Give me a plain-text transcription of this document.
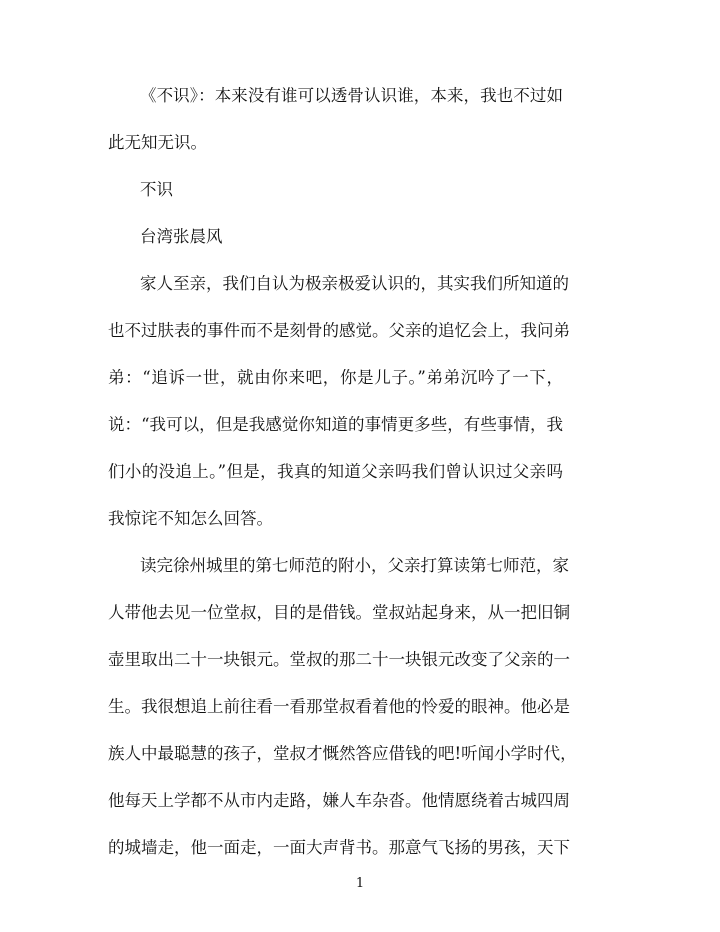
《不识》：本来没有谁可以透骨认识谁，本来，我也不过如
此无知无识。
不识
台湾张晨风
家人至亲，我们自认为极亲极爱认识的，其实我们所知道的
也不过肤表的事件而不是刻骨的感觉。父亲的追忆会上，我问弟
弟：“追诉一世，就由你来吧，你是儿子。”弟弟沉吟了一下，
说：“我可以，但是我感觉你知道的事情更多些，有些事情，我
们小的没追上。”但是，我真的知道父亲吗我们曾认识过父亲吗
我惊诧不知怎么回答。
读完徐州城里的第七师范的附小，父亲打算读第七师范，家
人带他去见一位堂叔，目的是借钱。堂叔站起身来，从一把旧铜
壶里取出二十一块银元。堂叔的那二十一块银元改变了父亲的一
生。我很想追上前往看一看那堂叔看着他的怜爱的眼神。他必是
族人中最聪慧的孩子，堂叔才慨然答应借钱的吧!听闻小学时代，
他每天上学都不从市内走路，嫌人车杂沓。他情愿绕着古城四周
的城墙走，他一面走，一面大声背书。那意气飞扬的男孩，天下
1
